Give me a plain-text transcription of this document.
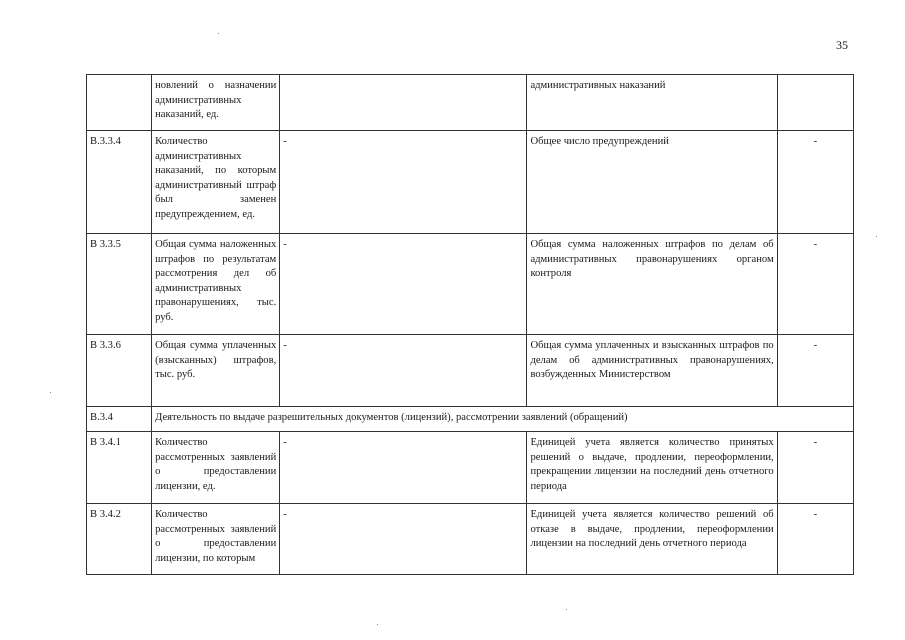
35
	новлений о назначении административных наказаний, ед.		административных наказаний	
В.3.3.4	Количество административных наказаний, по которым административный штраф был заменен предупреждением, ед.	-	Общее число предупреждений	-
В 3.3.5	Общая сумма наложенных штрафов по результатам рассмотрения дел об административных правонарушениях, тыс. руб.	-	Общая сумма наложенных штрафов по делам об административных правонарушениях органом контроля	-
В 3.3.6	Общая сумма уплаченных (взысканных) штрафов, тыс. руб.	-	Общая сумма уплаченных и взысканных штрафов по делам об административных правонарушениях, возбужденных Министерством	-
В.3.4	Деятельность по выдаче разрешительных документов (лицензий), рассмотрении заявлений (обращений)			
В 3.4.1	Количество рассмотренных заявлений о предоставлении лицензии, ед.	-	Единицей учета является количество принятых решений о выдаче, продлении, переоформлении, прекращении лицензии на последний день отчетного периода	-
В 3.4.2	Количество рассмотренных заявлений о предоставлении лицензии, по которым	-	Единицей учета является количество решений об отказе в выдаче, продлении, переоформлении лицензии на последний день отчетного периода	-
